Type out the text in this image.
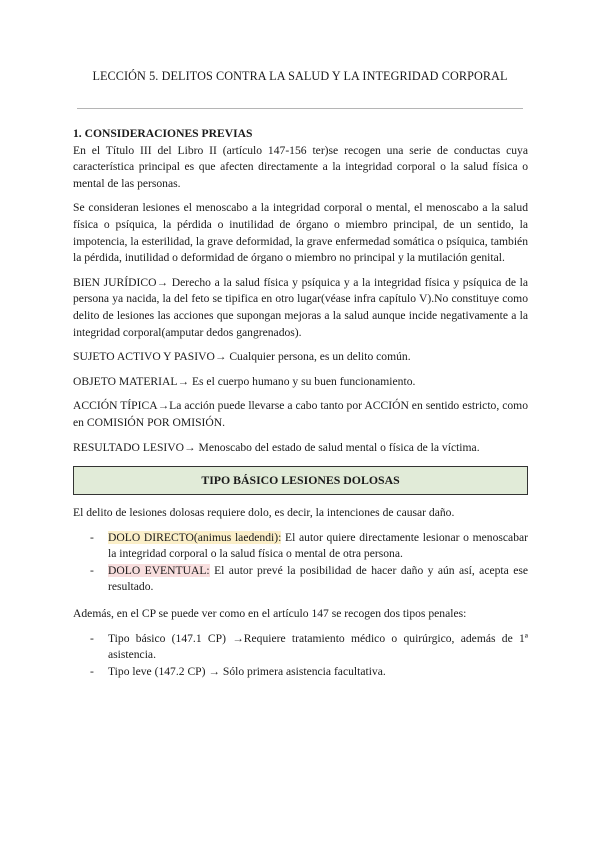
LECCIÓN 5. DELITOS CONTRA LA SALUD Y LA INTEGRIDAD CORPORAL

1. CONSIDERACIONES PREVIAS

En el Título III del Libro II (artículo 147-156 ter)se recogen una serie de conductas cuya característica principal es que afecten directamente a la integridad corporal o la salud física o mental de las personas.

Se consideran lesiones el menoscabo a la integridad corporal o mental, el menoscabo a la salud física o psíquica, la pérdida o inutilidad de órgano o miembro principal, de un sentido, la impotencia, la esterilidad, la grave deformidad, la grave enfermedad somática o psíquica, también la pérdida, inutilidad o deformidad de órgano o miembro no principal y la mutilación genital.

BIEN JURÍDICO→ Derecho a la salud física y psíquica y a la integridad física y psíquica de la persona ya nacida, la del feto se tipifica en otro lugar(véase infra capítulo V).No constituye como delito de lesiones las acciones que supongan mejoras a la salud aunque incide negativamente a la integridad corporal(amputar dedos gangrenados).

SUJETO ACTIVO Y PASIVO→ Cualquier persona, es un delito común.

OBJETO MATERIAL→ Es el cuerpo humano y su buen funcionamiento.

ACCIÓN TÍPICA→La acción puede llevarse a cabo tanto por ACCIÓN en sentido estricto, como en COMISIÓN POR OMISIÓN.

RESULTADO LESIVO→ Menoscabo del estado de salud mental o física de la víctima.

TIPO BÁSICO LESIONES DOLOSAS

El delito de lesiones dolosas requiere dolo, es decir, la intenciones de causar daño.

- DOLO DIRECTO(animus laedendi): El autor quiere directamente lesionar o menoscabar la integridad corporal o la salud física o mental de otra persona.
- DOLO EVENTUAL: El autor prevé la posibilidad de hacer daño y aún así, acepta ese resultado.

Además, en el CP se puede ver como en el artículo 147 se recogen dos tipos penales:

- Tipo básico (147.1 CP) →Requiere tratamiento médico o quirúrgico, además de 1ª asistencia.
- Tipo leve (147.2 CP) → Sólo primera asistencia facultativa.
